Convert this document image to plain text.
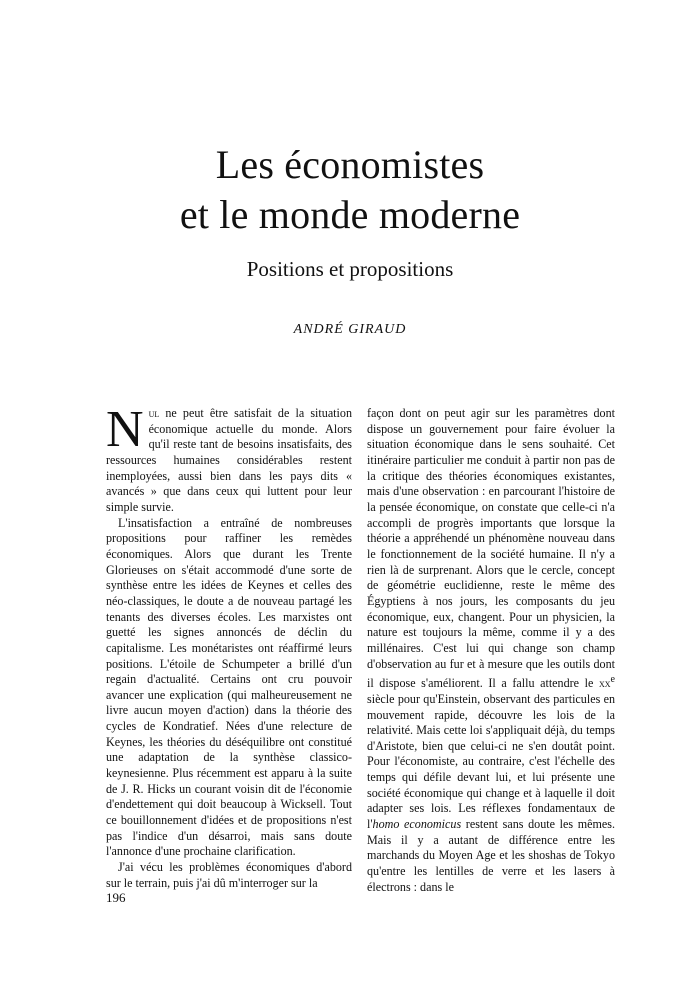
Les économistes
et le monde moderne
Positions et propositions
ANDRÉ GIRAUD

Nul ne peut être satisfait de la situation économique actuelle du monde. Alors qu'il reste tant de besoins insatisfaits, des ressources humaines considérables restent inemployées, aussi bien dans les pays dits « avancés » que dans ceux qui luttent pour leur simple survie.

L'insatisfaction a entraîné de nombreuses propositions pour raffiner les remèdes économiques. Alors que durant les Trente Glorieuses on s'était accommodé d'une sorte de synthèse entre les idées de Keynes et celles des néo-classiques, le doute a de nouveau partagé les tenants des diverses écoles. Les marxistes ont guetté les signes annoncés de déclin du capitalisme. Les monétaristes ont réaffirmé leurs positions. L'étoile de Schumpeter a brillé d'un regain d'actualité. Certains ont cru pouvoir avancer une explication (qui malheureusement ne livre aucun moyen d'action) dans la théorie des cycles de Kondratief. Nées d'une relecture de Keynes, les théories du déséquilibre ont constitué une adaptation de la synthèse classico-keynesienne. Plus récemment est apparu à la suite de J. R. Hicks un courant voisin dit de l'économie d'endettement qui doit beaucoup à Wicksell. Tout ce bouillonnement d'idées et de propositions n'est pas l'indice d'un désarroi, mais sans doute l'annonce d'une prochaine clarification.

J'ai vécu les problèmes économiques d'abord sur le terrain, puis j'ai dû m'interroger sur la

façon dont on peut agir sur les paramètres dont dispose un gouvernement pour faire évoluer la situation économique dans le sens souhaité. Cet itinéraire particulier me conduit à partir non pas de la critique des théories économiques existantes, mais d'une observation : en parcourant l'histoire de la pensée économique, on constate que celle-ci n'a accompli de progrès importants que lorsque la théorie a appréhendé un phénomène nouveau dans le fonctionnement de la société humaine. Il n'y a rien là de surprenant. Alors que le cercle, concept de géométrie euclidienne, reste le même des Égyptiens à nos jours, les composants du jeu économique, eux, changent. Pour un physicien, la nature est toujours la même, comme il y a des millénaires. C'est lui qui change son champ d'observation au fur et à mesure que les outils dont il dispose s'améliorent. Il a fallu attendre le $xx^e$ siècle pour qu'Einstein, observant des particules en mouvement rapide, découvre les lois de la relativité. Mais cette loi s'appliquait déjà, du temps d'Aristote, bien que celui-ci ne s'en doutât point. Pour l'économiste, au contraire, c'est l'échelle des temps qui défile devant lui, et lui présente une société économique qui change et à laquelle il doit adapter ses lois. Les réflexes fondamentaux de l'homo economicus restent sans doute les mêmes. Mais il y a autant de différence entre les marchands du Moyen Age et les shoshas de Tokyo qu'entre les lentilles de verre et les lasers à électrons : dans le

196
